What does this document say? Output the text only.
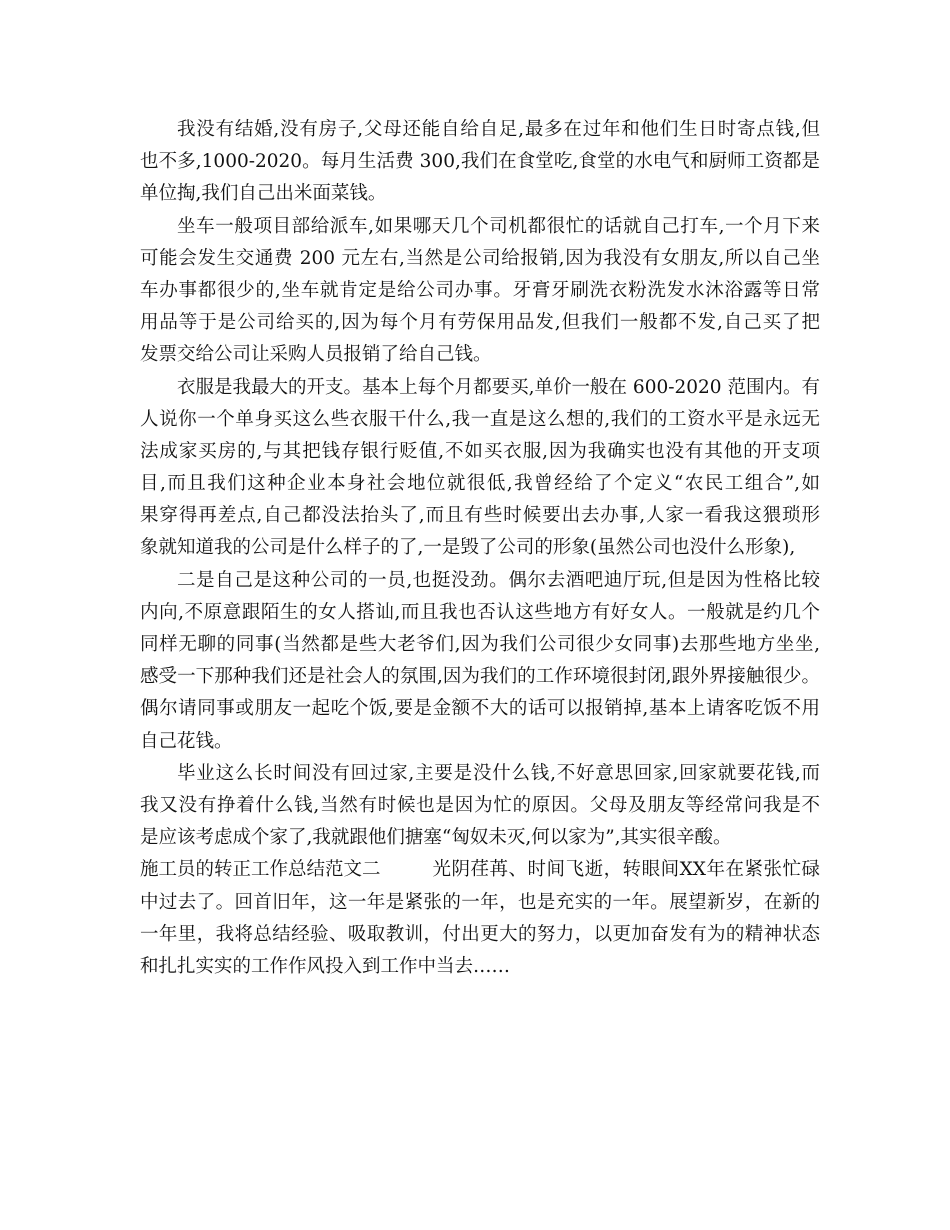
我没有结婚,没有房子,父母还能自给自足,最多在过年和他们生日时寄点钱,但
也不多,1000-2020。每月生活费 300,我们在食堂吃,食堂的水电气和厨师工资都是
单位掏,我们自己出米面菜钱。
坐车一般项目部给派车,如果哪天几个司机都很忙的话就自己打车,一个月下来
可能会发生交通费 200 元左右,当然是公司给报销,因为我没有女朋友,所以自己坐
车办事都很少的,坐车就肯定是给公司办事。牙膏牙刷洗衣粉洗发水沐浴露等日常
用品等于是公司给买的,因为每个月有劳保用品发,但我们一般都不发,自己买了把
发票交给公司让采购人员报销了给自己钱。
衣服是我最大的开支。基本上每个月都要买,单价一般在 600-2020 范围内。有
人说你一个单身买这么些衣服干什么,我一直是这么想的,我们的工资水平是永远无
法成家买房的,与其把钱存银行贬值,不如买衣服,因为我确实也没有其他的开支项
目,而且我们这种企业本身社会地位就很低,我曾经给了个定义“农民工组合”,如
果穿得再差点,自己都没法抬头了,而且有些时候要出去办事,人家一看我这猥琐形
象就知道我的公司是什么样子的了,一是毁了公司的形象(虽然公司也没什么形象),
二是自己是这种公司的一员,也挺没劲。偶尔去酒吧迪厅玩,但是因为性格比较
内向,不原意跟陌生的女人搭讪,而且我也否认这些地方有好女人。一般就是约几个
同样无聊的同事(当然都是些大老爷们,因为我们公司很少女同事)去那些地方坐坐,
感受一下那种我们还是社会人的氛围,因为我们的工作环境很封闭,跟外界接触很少。
偶尔请同事或朋友一起吃个饭,要是金额不大的话可以报销掉,基本上请客吃饭不用
自己花钱。
毕业这么长时间没有回过家,主要是没什么钱,不好意思回家,回家就要花钱,而
我又没有挣着什么钱,当然有时候也是因为忙的原因。父母及朋友等经常问我是不
是应该考虑成个家了,我就跟他们搪塞“匈奴未灭,何以家为”,其实很辛酸。
施工员的转正工作总结范文二	光阴荏苒、时间飞逝，转眼间XX年在紧张忙碌
中过去了。回首旧年，这一年是紧张的一年，也是充实的一年。展望新岁，在新的
一年里，我将总结经验、吸取教训，付出更大的努力，以更加奋发有为的精神状态
和扎扎实实的工作作风投入到工作中当去……
